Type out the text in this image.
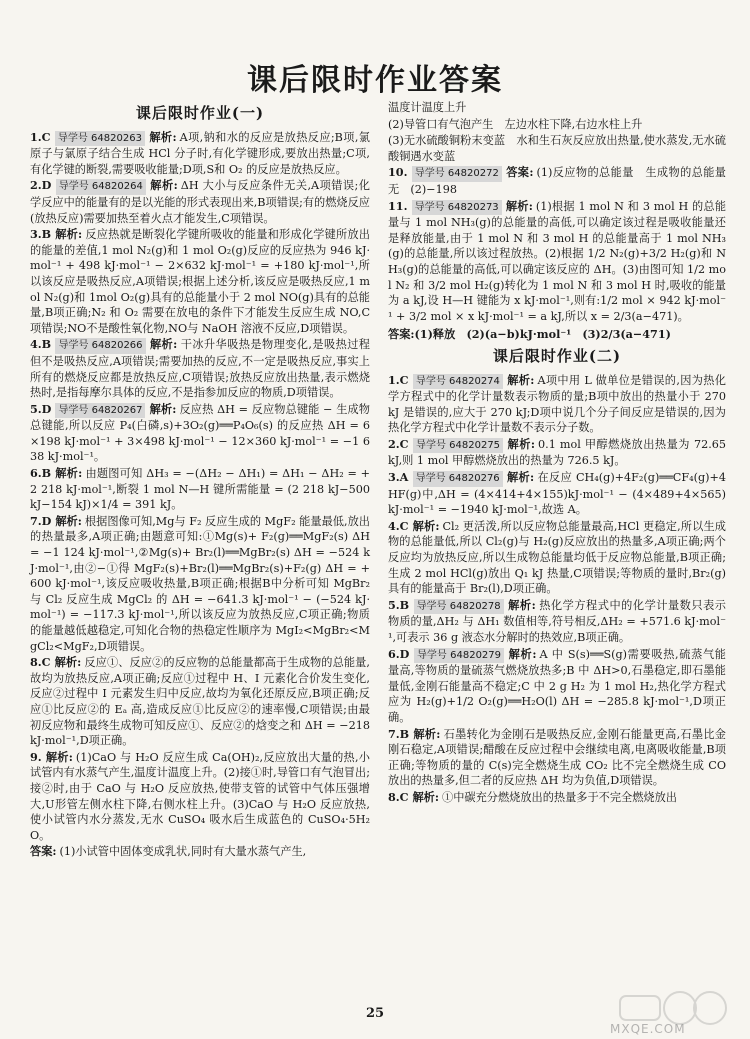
课后限时作业答案
课后限时作业(一)
1.C 导学号 64820263 解析: A项,钠和水的反应是放热反应;B项,氯原子与氯原子结合生成 HCl 分子时,有化学键形成,要放出热量;C项,有化学键的断裂,需要吸收能量;D项,S和 O₂ 的反应是放热反应。
2.D 导学号 64820264 解析: ΔH 大小与反应条件无关,A项错误;化学反应中的能量有的是以光能的形式表现出来,B项错误;有的燃烧反应(放热反应)需要加热至着火点才能发生,C项错误。
3.B 解析: 反应热就是断裂化学键所吸收的能量和形成化学键所放出的能量的差值,1 mol N₂(g)和 1 mol O₂(g)反应的反应热为 946 kJ·mol⁻¹ + 498 kJ·mol⁻¹ − 2×632 kJ·mol⁻¹ = +180 kJ·mol⁻¹,所以该反应是吸热反应,A项错误;根据上述分析,该反应是吸热反应,1 mol N₂(g)和 1mol O₂(g)具有的总能量小于 2 mol NO(g)具有的总能量,B项正确;N₂ 和 O₂ 需要在放电的条件下才能发生反应生成 NO,C项错误;NO不是酸性氧化物,NO与 NaOH 溶液不反应,D项错误。
4.B 导学号 64820266 解析: 干冰升华吸热是物理变化,是吸热过程但不是吸热反应,A项错误;需要加热的反应,不一定是吸热反应,事实上所有的燃烧反应都是放热反应,C项错误;放热反应放出热量,表示燃烧热时,是指每摩尔具体的反应,不是指参加反应的物质,D项错误。
5.D 导学号 64820267 解析: 反应热 ΔH = 反应物总键能 − 生成物总键能,所以反应 P₄(白磷,s)+3O₂(g)══P₄O₆(s) 的反应热 ΔH = 6×198 kJ·mol⁻¹ + 3×498 kJ·mol⁻¹ − 12×360 kJ·mol⁻¹ = −1 638 kJ·mol⁻¹。
6.B 解析: 由题图可知 ΔH₃ = −(ΔH₂ − ΔH₁) = ΔH₁ − ΔH₂ = +2 218 kJ·mol⁻¹,断裂 1 mol N—H 键所需能量 = (2 218 kJ−500 kJ−154 kJ)×1/4 = 391 kJ。
7.D 解析: 根据图像可知,Mg与 F₂ 反应生成的 MgF₂ 能量最低,放出的热量最多,A项正确;由题意可知:①Mg(s)+ F₂(g)══MgF₂(s) ΔH = −1 124 kJ·mol⁻¹,②Mg(s)+ Br₂(l)══MgBr₂(s) ΔH = −524 kJ·mol⁻¹,由②−①得 MgF₂(s)+Br₂(l)══MgBr₂(s)+F₂(g) ΔH = +600 kJ·mol⁻¹,该反应吸收热量,B项正确;根据B中分析可知 MgBr₂ 与 Cl₂ 反应生成 MgCl₂ 的 ΔH = −641.3 kJ·mol⁻¹ − (−524 kJ·mol⁻¹) = −117.3 kJ·mol⁻¹,所以该反应为放热反应,C项正确;物质的能量越低越稳定,可知化合物的热稳定性顺序为 MgI₂<MgBr₂<MgCl₂<MgF₂,D项错误。
8.C 解析: 反应①、反应②的反应物的总能量都高于生成物的总能量,故均为放热反应,A项正确;反应①过程中 H、I 元素化合价发生变化,反应②过程中 I 元素发生归中反应,故均为氧化还原反应,B项正确;反应①比反应②的 Eₐ 高,造成反应①比反应②的速率慢,C项错误;由最初反应物和最终生成物可知反应①、反应②的焓变之和 ΔH = −218 kJ·mol⁻¹,D项正确。
9. 解析: (1)CaO 与 H₂O 反应生成 Ca(OH)₂,反应放出大量的热,小试管内有水蒸气产生,温度计温度上升。(2)接①时,导管口有气泡冒出;接②时,由于 CaO 与 H₂O 反应放热,使带支管的试管中气体压强增大,U形管左侧水柱下降,右侧水柱上升。(3)CaO 与 H₂O 反应放热,使小试管内水分蒸发,无水 CuSO₄ 吸水后生成蓝色的 CuSO₄·5H₂O。
答案: (1)小试管中固体变成乳状,同时有大量水蒸气产生,
温度计温度上升
(2)导管口有气泡产生　左边水柱下降,右边水柱上升
(3)无水硫酸铜粉末变蓝　水和生石灰反应放出热量,使水蒸发,无水硫酸铜遇水变蓝
10. 导学号 64820272 答案: (1)反应物的总能量　生成物的总能量　无　(2)−198
11. 导学号 64820273 解析: (1)根据 1 mol N 和 3 mol H 的总能量与 1 mol NH₃(g)的总能量的高低,可以确定该过程是吸收能量还是释放能量,由于 1 mol N 和 3 mol H 的总能量高于 1 mol NH₃(g)的总能量,所以该过程放热。(2)根据 1/2 N₂(g)+3/2 H₂(g)和 NH₃(g)的总能量的高低,可以确定该反应的 ΔH。(3)由图可知 1/2 mol N₂ 和 3/2 mol H₂(g)转化为 1 mol N 和 3 mol H 时,吸收的能量为 a kJ,设 H—H 键能为 x kJ·mol⁻¹,则有:1/2 mol × 942 kJ·mol⁻¹ + 3/2 mol × x kJ·mol⁻¹ = a kJ,所以 x = 2/3(a−471)。
答案:(1)释放　(2)(a−b)kJ·mol⁻¹　(3)2/3(a−471)
课后限时作业(二)
1.C 导学号 64820274 解析: A项中用 L 做单位是错误的,因为热化学方程式中的化学计量数表示物质的量;B项中放出的热量小于 270 kJ 是错误的,应大于 270 kJ;D项中说几个分子间反应是错误的,因为热化学方程式中化学计量数不表示分子数。
2.C 导学号 64820275 解析: 0.1 mol 甲醇燃烧放出热量为 72.65 kJ,则 1 mol 甲醇燃烧放出的热量为 726.5 kJ。
3.A 导学号 64820276 解析: 在反应 CH₄(g)+4F₂(g)══CF₄(g)+4HF(g)中,ΔH = (4×414+4×155)kJ·mol⁻¹ − (4×489+4×565)kJ·mol⁻¹ = −1940 kJ·mol⁻¹,故选 A。
4.C 解析: Cl₂ 更活泼,所以反应物总能量最高,HCl 更稳定,所以生成物的总能量低,所以 Cl₂(g)与 H₂(g)反应放出的热量多,A项正确;两个反应均为放热反应,所以生成物总能量均低于反应物总能量,B项正确;生成 2 mol HCl(g)放出 Q₁ kJ 热量,C项错误;等物质的量时,Br₂(g)具有的能量高于 Br₂(l),D项正确。
5.B 导学号 64820278 解析: 热化学方程式中的化学计量数只表示物质的量,ΔH₂ 与 ΔH₁ 数值相等,符号相反,ΔH₂ = +571.6 kJ·mol⁻¹,可表示 36 g 液态水分解时的热效应,B项正确。
6.D 导学号 64820279 解析: A 中 S(s)══S(g)需要吸热,硫蒸气能量高,等物质的量硫蒸气燃烧放热多;B 中 ΔH>0,石墨稳定,即石墨能量低,金刚石能量高不稳定;C 中 2 g H₂ 为 1 mol H₂,热化学方程式应为 H₂(g)+1/2 O₂(g)══H₂O(l) ΔH = −285.8 kJ·mol⁻¹,D项正确。
7.B 解析: 石墨转化为金刚石是吸热反应,金刚石能量更高,石墨比金刚石稳定,A项错误;醋酸在反应过程中会继续电离,电离吸收能量,B项正确;等物质的量的 C(s)完全燃烧生成 CO₂ 比不完全燃烧生成 CO 放出的热量多,但二者的反应热 ΔH 均为负值,D项错误。
8.C 解析: ①中碳充分燃烧放出的热量多于不完全燃烧放出
25
MXQE.COM
